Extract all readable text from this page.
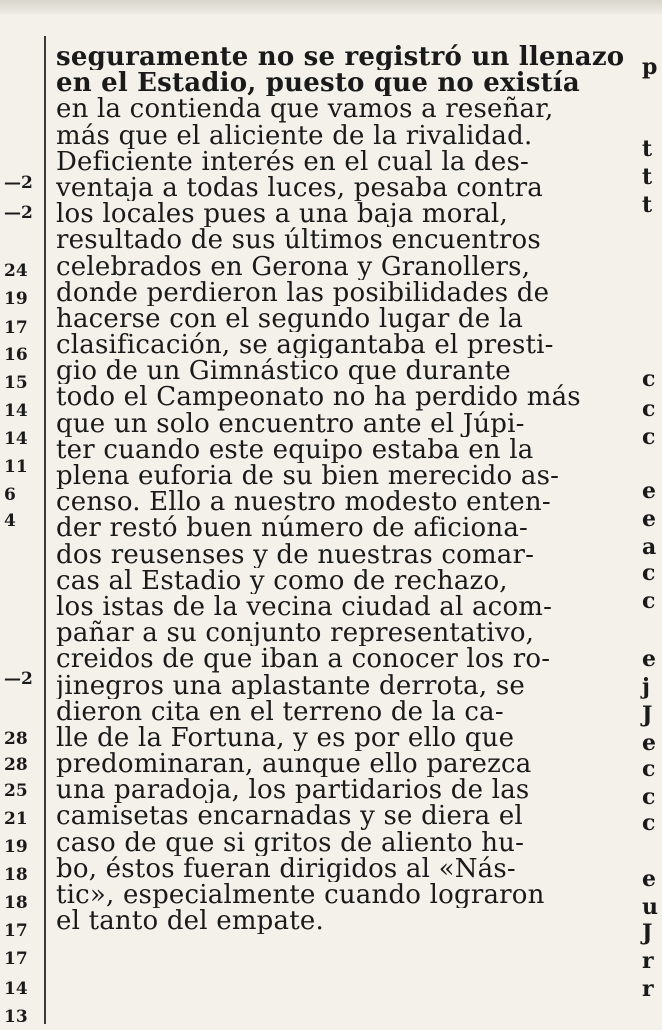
—2
—2
24
19
17
16
15
14
14
11
6
4
—2
28
28
25
21
19
18
18
17
17
14
13
seguramente no se registró un llenazo
en el Estadio, puesto que no existía
en la contienda que vamos a reseñar,
más que el aliciente de la rivalidad.
Deficiente interés en el cual la des-
ventaja a todas luces, pesaba contra
los locales pues a una baja moral,
resultado de sus últimos encuentros
celebrados en Gerona y Granollers,
donde perdieron las posibilidades de
hacerse con el segundo lugar de la
clasificación, se agigantaba el presti-
gio de un Gimnástico que durante
todo el Campeonato no ha perdido más
que un solo encuentro ante el Júpi-
ter cuando este equipo estaba en la
plena euforia de su bien merecido as-
censo. Ello a nuestro modesto enten-
der restó buen número de aficiona-
dos reusenses y de nuestras comar-
cas al Estadio y como de rechazo,
los istas de la vecina ciudad al acom-
pañar a su conjunto representativo,
creidos de que iban a conocer los ro-
jinegros una aplastante derrota, se
dieron cita en el terreno de la ca-
lle de la Fortuna, y es por ello que
predominaran, aunque ello parezca
una paradoja, los partidarios de las
camisetas encarnadas y se diera el
caso de que si gritos de aliento hu-
bo, éstos fueran dirigidos al «Nás-
tic», especialmente cuando lograron
el tanto del empate.
p
t
t
t
c
c
c
e
e
a
c
c
e
j
J
e
c
c
c
e
u
J
r
r
